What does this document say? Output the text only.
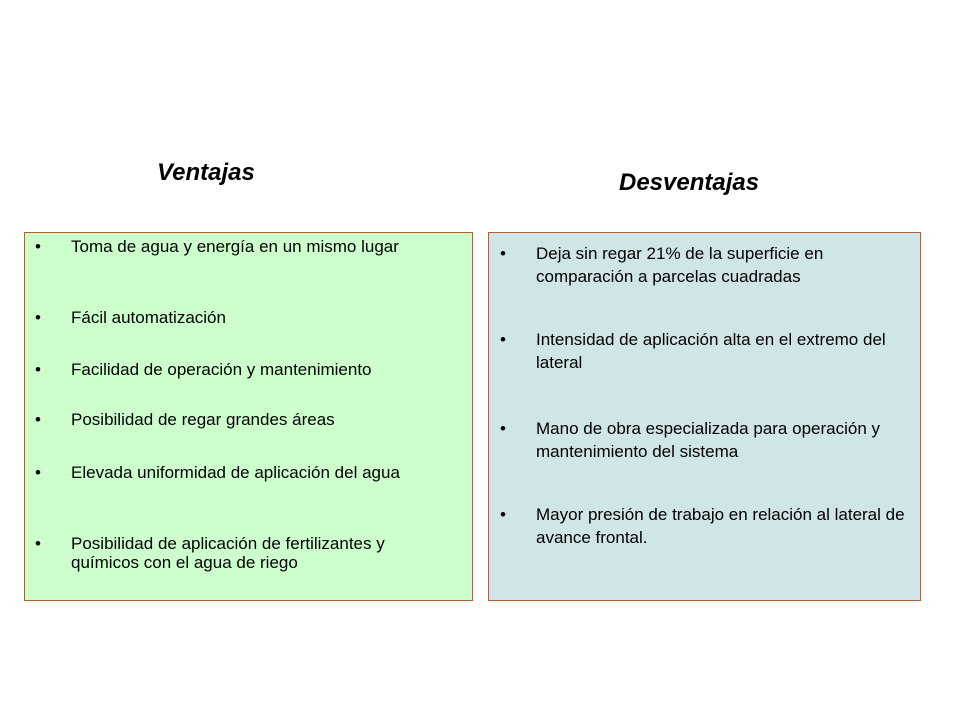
Ventajas	Desventajas
• Toma de agua y energía en un mismo lugar
• Fácil automatización
• Facilidad de operación y mantenimiento
• Posibilidad de regar grandes áreas
• Elevada uniformidad de aplicación del agua
• Posibilidad de aplicación de fertilizantes y químicos con el agua de riego
• Deja sin regar 21% de la superficie en comparación a parcelas cuadradas
• Intensidad de aplicación alta en el extremo del lateral
• Mano de obra especializada para operación y mantenimiento del sistema
• Mayor presión de trabajo en relación al lateral de avance frontal.
